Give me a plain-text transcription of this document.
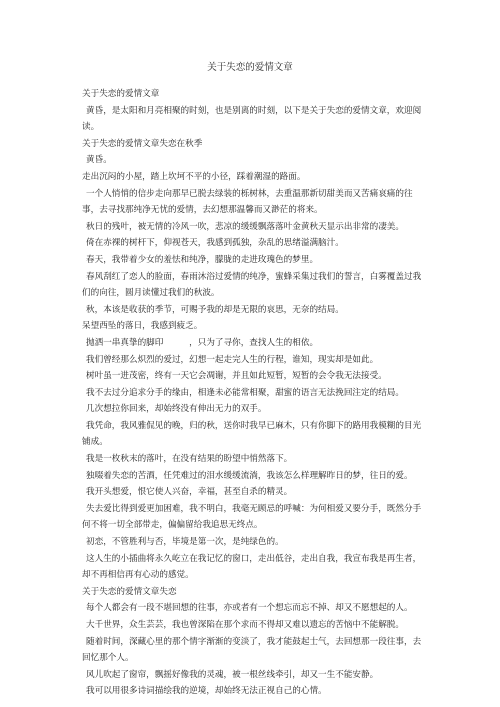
关于失恋的爱情文章

关于失恋的爱情文章

黄昏，是太阳和月亮相聚的时刻，也是别离的时刻，以下是关于失恋的爱情文章，欢迎阅读。

关于失恋的爱情文章失恋在秋季

黄昏。

走出沉闷的小屋，踏上坎坷不平的小径，踩着潮湿的路面。

一个人悄悄的信步走向那早已脱去绿装的栎树林，去重温那新切甜美而又苦痛哀痛的往事，去寻找那纯净无忧的爱情，去幻想那温馨而又渺茫的将来。

秋日的残叶，被无情的冷风一吹，悲凉的缓缓飘落落叶金黄秋天显示出非常的凄美。

倚在赤裸的树杆下，仰视苍天，我感到孤独，杂乱的思绪溢满脑汁。

春天，我带着少女的羞怯和纯净，朦胧的走进玫瑰色的梦里。

春风刮红了恋人的脸面，春雨沐浴过爱情的纯净，蜜蜂采集过我们的誓言，白雾覆盖过我们的向往，圆月读懂过我们的秋波。

秋，本该是收获的季节，可赐予我的却是无限的哀思，无奈的结局。

呆望西坠的落日，我感到疲乏。

抛洒一串真挚的脚印　　　，只为了寻你，查找人生的相依。

我们曾经那么炽烈的爱过，幻想一起走完人生的行程，谁知，现实却是如此。

树叶虽一进茂密，终有一天它会凋谢，并且如此短暂，短暂的会令我无法接受。

我不去过分追求分手的缘由，相逢未必能常相聚，甜蜜的语言无法挽回注定的结局。

几次想拉你回来，却始终没有伸出无力的双手。

我凭命，我风雅侃见的晚，归的秋，送你时我早已麻木，只有你脚下的路用我模糊的目光铺成。

我是一枚秋末的落叶，在没有结果的盼望中悄然落下。

独啜着失恋的苦酒，任凭难过的泪水缓缓流淌，我该怎么样理解昨日的梦，往日的爱。

我开头想爱，恨它使人兴奋，幸福，甚至自杀的精灵。

失去爱比得到爱更加困难，我不明白，我毫无顾忌的呼喊：为何相爱又要分手，既然分手何不将一切全部带走，偏偏留给我追思无终点。

初恋，不管胜利与否，毕境是第一次，是纯绿色的。

这人生的小插曲将永久屹立在我记忆的窗口，走出低谷，走出自我，我宣布我是再生者，却不再相信再有心动的感觉。

关于失恋的爱情文章失恋

每个人都会有一段不堪回想的往事，亦或者有一个想忘而忘不掉、却又不愿想起的人。

大千世界，众生芸芸，我也曾深陷在那个求而不得却又难以遗忘的苦恼中不能解脱。

随着时间，深藏心里的那个情字渐渐的变淡了，我才能鼓起士气，去回想那一段往事，去回忆那个人。

风儿吹起了窗帘，飘摇好像我的灵魂，被一根丝线牵引，却又一生不能安静。

我可以用很多诗词描绘我的逆境，却始终无法正视自己的心情。
